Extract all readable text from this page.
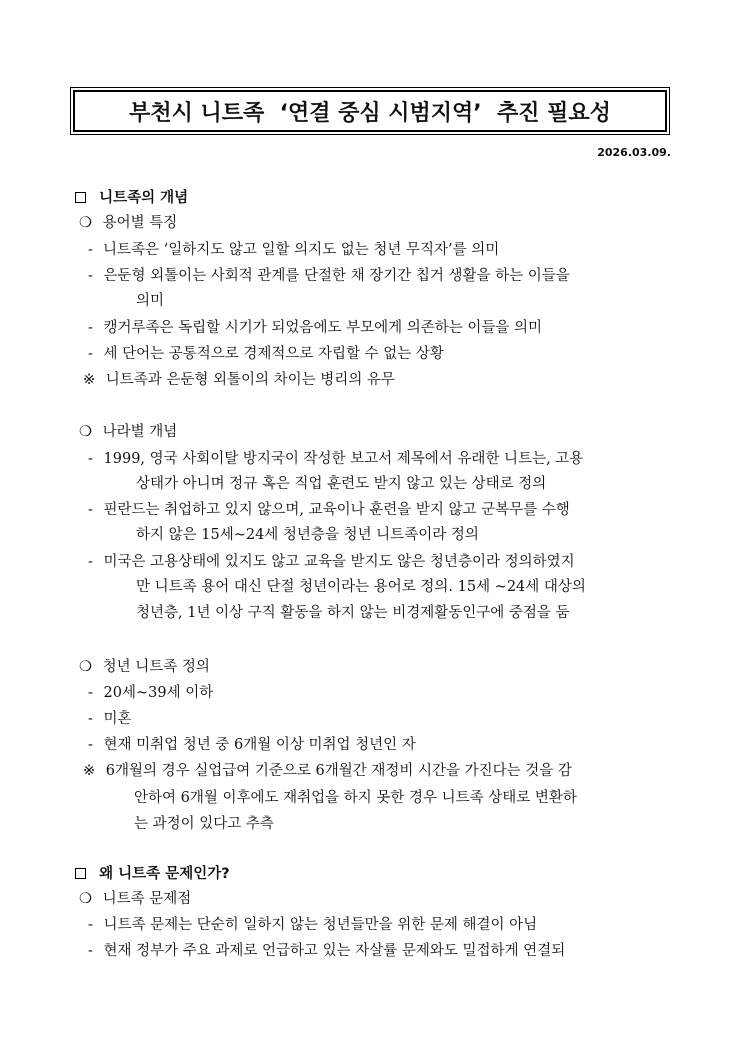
부천시 니트족  ‘연결 중심 시범지역’  추진 필요성
2026.03.09.
니트족의 개념
❍ 용어별 특징
- 니트족은 ‘일하지도 않고 일할 의지도 없는 청년 무직자’를 의미
- 은둔형 외톨이는 사회적 관계를 단절한 채 장기간 칩거 생활을 하는 이들을
의미
- 캥거루족은 독립할 시기가 되었음에도 부모에게 의존하는 이들을 의미
- 세 단어는 공통적으로 경제적으로 자립할 수 없는 상황
※ 니트족과 은둔형 외톨이의 차이는 병리의 유무
❍ 나라별 개념
- 1999, 영국 사회이탈 방지국이 작성한 보고서 제목에서 유래한 니트는, 고용
상태가 아니며 정규 혹은 직업 훈련도 받지 않고 있는 상태로 정의
- 핀란드는 취업하고 있지 않으며, 교육이나 훈련을 받지 않고 군복무를 수행
하지 않은 15세~24세 청년층을 청년 니트족이라 정의
- 미국은 고용상태에 있지도 않고 교육을 받지도 않은 청년층이라 정의하였지
만 니트족 용어 대신 단절 청년이라는 용어로 정의. 15세 ~24세 대상의
청년층, 1년 이상 구직 활동을 하지 않는 비경제활동인구에 중점을 둠
❍ 청년 니트족 정의
- 20세~39세 이하
- 미혼
- 현재 미취업 청년 중 6개월 이상 미취업 청년인 자
※ 6개월의 경우 실업급여 기준으로 6개월간 재정비 시간을 가진다는 것을 감
안하여 6개월 이후에도 재취업을 하지 못한 경우 니트족 상태로 변환하
는 과정이 있다고 추측
왜 니트족 문제인가?
❍ 니트족 문제점
- 니트족 문제는 단순히 일하지 않는 청년들만을 위한 문제 해결이 아님
- 현재 정부가 주요 과제로 언급하고 있는 자살률 문제와도 밀접하게 연결되
